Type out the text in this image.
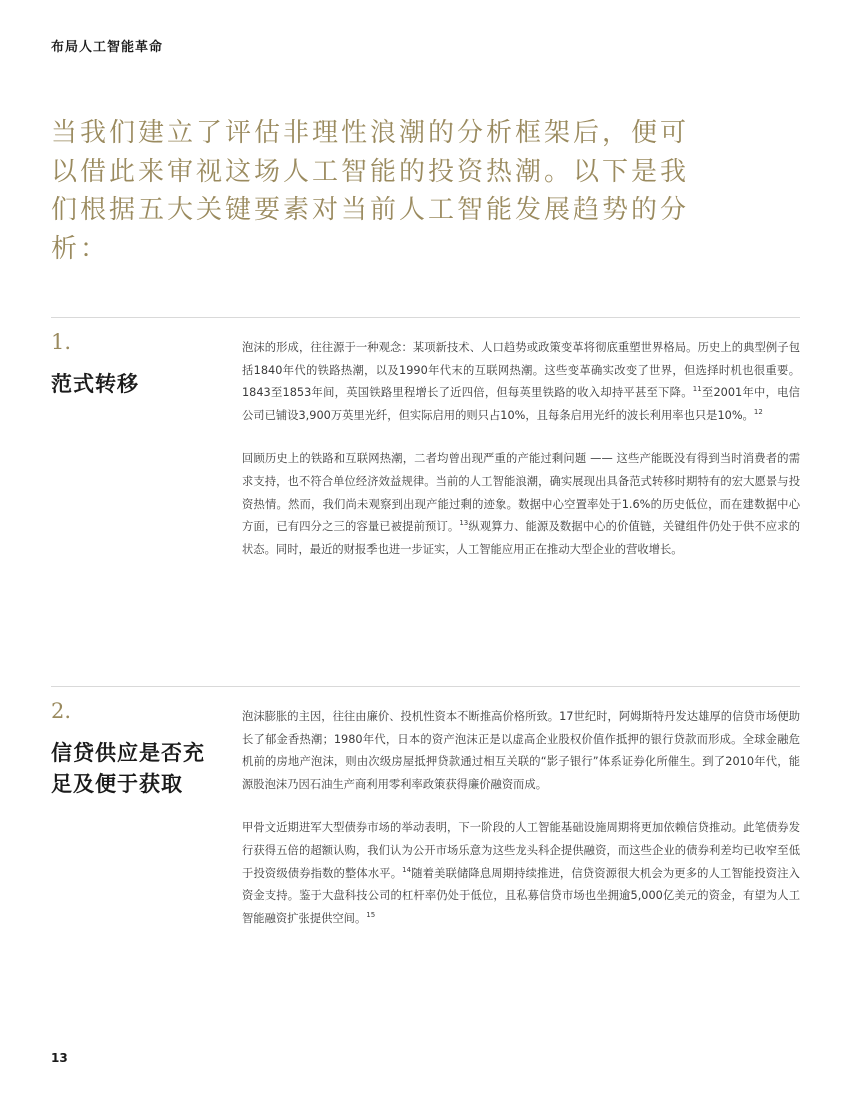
布局人工智能革命

当我们建立了评估非理性浪潮的分析框架后，便可以借此来审视这场人工智能的投资热潮。以下是我们根据五大关键要素对当前人工智能发展趋势的分析：

1.
范式转移

泡沫的形成，往往源于一种观念：某项新技术、人口趋势或政策变革将彻底重塑世界格局。历史上的典型例子包括1840年代的铁路热潮，以及1990年代末的互联网热潮。这些变革确实改变了世界，但选择时机也很重要。1843至1853年间，英国铁路里程增长了近四倍，但每英里铁路的收入却持平甚至下降。$^{11}$至2001年中，电信公司已铺设3,900万英里光纤，但实际启用的则只占10%，且每条启用光纤的波长利用率也只是10%。$^{12}$

回顾历史上的铁路和互联网热潮，二者均曾出现严重的产能过剩问题 —— 这些产能既没有得到当时消费者的需求支持，也不符合单位经济效益规律。当前的人工智能浪潮，确实展现出具备范式转移时期特有的宏大愿景与投资热情。然而，我们尚未观察到出现产能过剩的迹象。数据中心空置率处于1.6%的历史低位，而在建数据中心方面，已有四分之三的容量已被提前预订。$^{13}$纵观算力、能源及数据中心的价值链，关键组件仍处于供不应求的状态。同时，最近的财报季也进一步证实，人工智能应用正在推动大型企业的营收增长。

2.
信贷供应是否充足及便于获取

泡沫膨胀的主因，往往由廉价、投机性资本不断推高价格所致。17世纪时，阿姆斯特丹发达雄厚的信贷市场便助长了郁金香热潮；1980年代，日本的资产泡沫正是以虚高企业股权价值作抵押的银行贷款而形成。全球金融危机前的房地产泡沫，则由次级房屋抵押贷款通过相互关联的“影子银行”体系证券化所催生。到了2010年代，能源股泡沫乃因石油生产商利用零利率政策获得廉价融资而成。

甲骨文近期进军大型债券市场的举动表明，下一阶段的人工智能基础设施周期将更加依赖信贷推动。此笔债券发行获得五倍的超额认购，我们认为公开市场乐意为这些龙头科企提供融资，而这些企业的债券利差均已收窄至低于投资级债券指数的整体水平。$^{14}$随着美联储降息周期持续推进，信贷资源很大机会为更多的人工智能投资注入资金支持。鉴于大盘科技公司的杠杆率仍处于低位，且私募信贷市场也坐拥逾5,000亿美元的资金，有望为人工智能融资扩张提供空间。$^{15}$

13
